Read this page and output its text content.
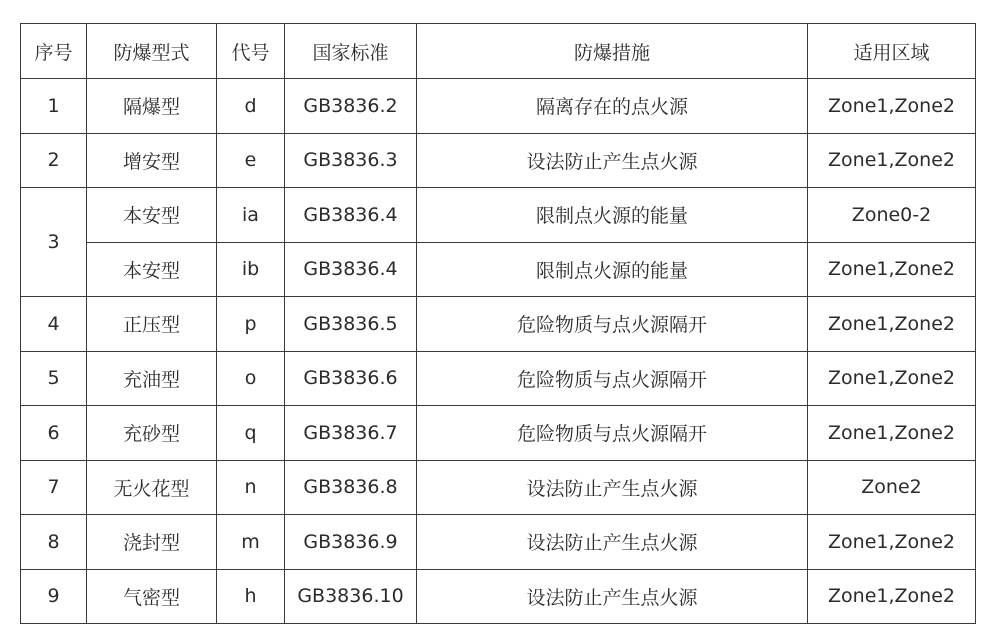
序号	防爆型式	代号	国家标准	防爆措施	适用区域
1	隔爆型	d	GB3836.2	隔离存在的点火源	Zone1,Zone2
2	增安型	e	GB3836.3	设法防止产生点火源	Zone1,Zone2
3	本安型	ia	GB3836.4	限制点火源的能量	Zone0-2
	本安型	ib	GB3836.4	限制点火源的能量	Zone1,Zone2
4	正压型	p	GB3836.5	危险物质与点火源隔开	Zone1,Zone2
5	充油型	o	GB3836.6	危险物质与点火源隔开	Zone1,Zone2
6	充砂型	q	GB3836.7	危险物质与点火源隔开	Zone1,Zone2
7	无火花型	n	GB3836.8	设法防止产生点火源	Zone2
8	浇封型	m	GB3836.9	设法防止产生点火源	Zone1,Zone2
9	气密型	h	GB3836.10	设法防止产生点火源	Zone1,Zone2
